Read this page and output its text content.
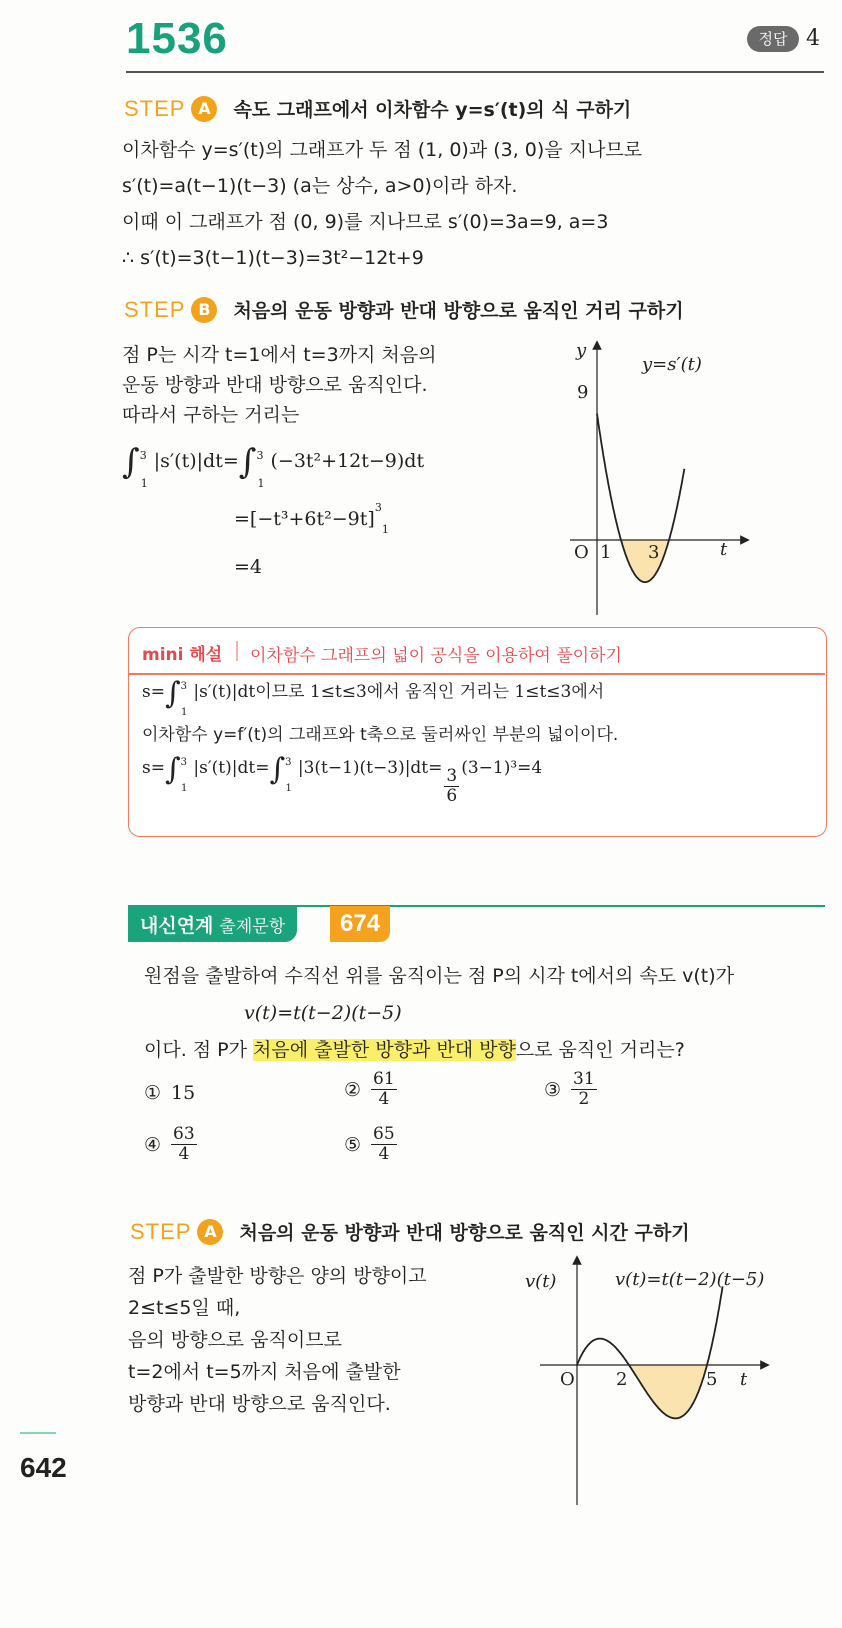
1536	정답 4
STEP A	속도 그래프에서 이차함수 y=s′(t)의 식 구하기
이차함수 y=s′(t)의 그래프가 두 점 (1, 0)과 (3, 0)을 지나므로
s′(t)=a(t−1)(t−3) (a는 상수, a>0)이라 하자.
이때 이 그래프가 점 (0, 9)를 지나므로 s′(0)=3a=9, a=3
∴ s′(t)=3(t−1)(t−3)=3t²−12t+9
STEP B	처음의 운동 방향과 반대 방향으로 움직인 거리 구하기
점 P는 시각 t=1에서 t=3까지 처음의
운동 방향과 반대 방향으로 움직인다.
따라서 구하는 거리는
∫$^3_1$|s′(t)|dt=∫$^3_1$(−3t²+12t−9)dt
$=[-t^3+6t^2-9t]^3_1$
=4
y
t
O
9
1 3
y=s′(t)
mini 해설 이차함수 그래프의 넓이 공식을 이용하여 풀이하기
s=∫$^3_1$|s′(t)|dt이므로 1≤t≤3에서 움직인 거리는 1≤t≤3에서
이차함수 y=f′(t)의 그래프와 t축으로 둘러싸인 부분의 넓이이다.
$s=\int^3_1|s'(t)|dt=\int^3_1|3(t-1)(t-3)|dt= \frac{3}{6} (3-1)^3=4$
내신연계 출제문항	674
원점을 출발하여 수직선 위를 움직이는 점 P의 시각 t에서의 속도 v(t)가
v(t)=t(t−2)(t−5)
이다. 점 P가 처음에 출발한 방향과 반대 방향으로 움직인 거리는?
① 15	② $\frac{61}{4}$	③ $\frac{31}{2}$
④ $\frac{63}{4}$	⑤ $\frac{65}{4}$
STEP A	처음의 운동 방향과 반대 방향으로 움직인 시간 구하기
점 P가 출발한 방향은 양의 방향이고
2≤t≤5일 때,
음의 방향으로 움직이므로
t=2에서 t=5까지 처음에 출발한
방향과 반대 방향으로 움직인다.
v(t)
t
O 2	5
v(t)=t(t−2)(t−5)
642
